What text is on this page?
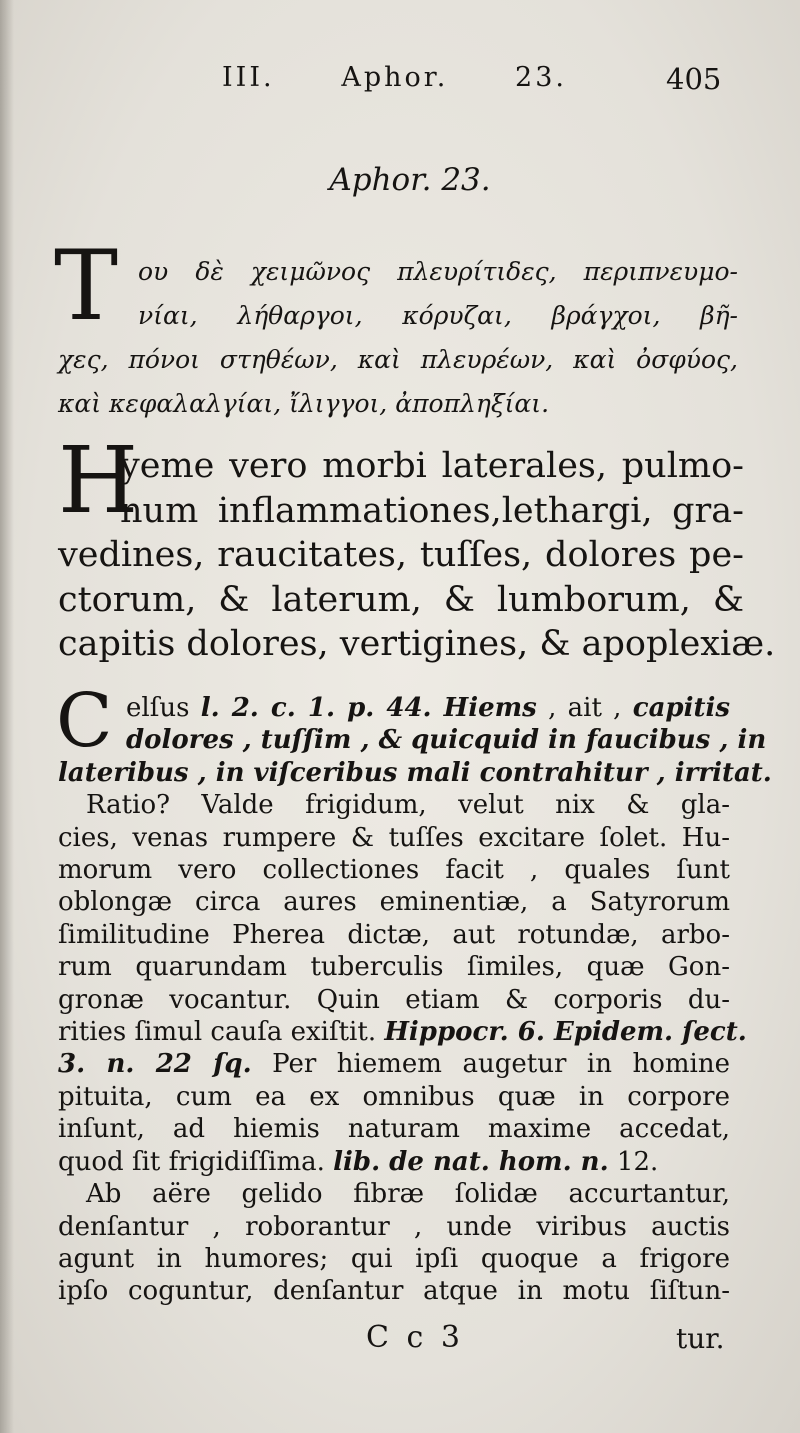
III. Aphor. 23.	405
Aphor. 23.
T ου δὲ χειμῶνος πλευρίτιδες, περιπνευμο-
νίαι, λήθαργοι, κόρυζαι, βράγχοι, βῆ-
χες, πόνοι στηθέων, καὶ πλευρέων, καὶ ὀσφύος,
καὶ κεφαλαλγίαι, ἴλιγγοι, ἀποπληξίαι.
H
yeme vero morbi laterales, pulmo-
num inflammationes,lethargi, gra-
vedines, raucitates, tuſſes, dolores pe-
ctorum, & laterum, & lumborum, &
capitis dolores, vertigines, & apoplexiæ.
C elſus l. 2. c. 1. p. 44. Hiems , ait , capitis
dolores , tuſſim , & quicquid in faucibus , in
lateribus , in viſceribus mali contrahitur , irritat.
Ratio? Valde frigidum, velut nix & gla-
cies, venas rumpere & tuſſes excitare ſolet. Hu-
morum vero collectiones facit , quales ſunt
oblongæ circa aures eminentiæ, a Satyrorum
ſimilitudine Pherea dictæ, aut rotundæ, arbo-
rum quarundam tuberculis ſimiles, quæ Gon-
gronæ vocantur. Quin etiam & corporis du-
rities ſimul cauſa exiſtit. Hippocr. 6. Epidem. ſect.
3. n. 22 ſq. Per hiemem augetur in homine
pituita, cum ea ex omnibus quæ in corpore
inſunt, ad hiemis naturam maxime accedat,
quod ſit frigidiſſima. lib. de nat. hom. n. 12.
Ab aëre gelido fibræ ſolidæ accurtantur,
denſantur , roborantur , unde viribus auctis
agunt in humores; qui ipſi quoque a frigore
ipſo coguntur, denſantur atque in motu ſiſtun-
C c 3	tur.
